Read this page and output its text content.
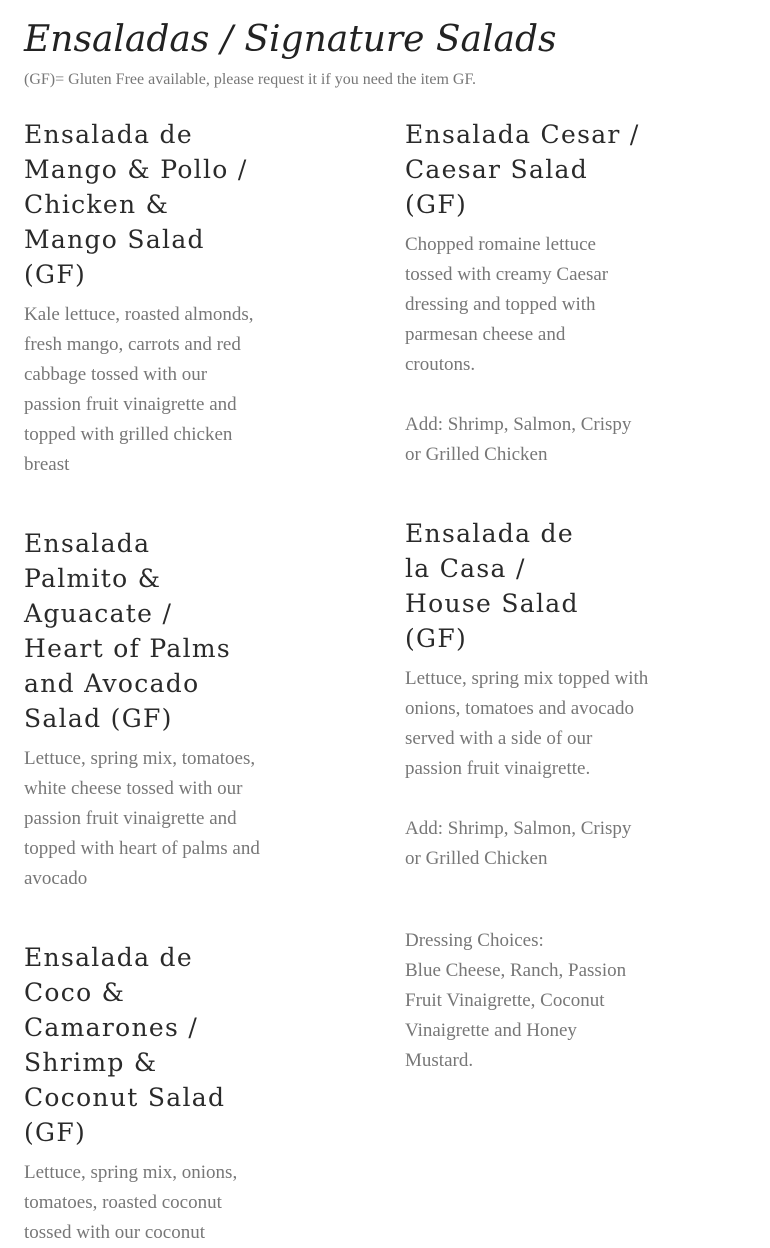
Ensaladas / Signature Salads

(GF)= Gluten Free available, please request it if you need the item GF.

Ensalada de Mango & Pollo / Chicken & Mango Salad (GF)

Kale lettuce, roasted almonds, fresh mango, carrots and red cabbage tossed with our passion fruit vinaigrette and topped with grilled chicken breast

Ensalada Palmito & Aguacate / Heart of Palms and Avocado Salad (GF)

Lettuce, spring mix, tomatoes, white cheese tossed with our passion fruit vinaigrette and topped with heart of palms and avocado

Ensalada de Coco & Camarones / Shrimp & Coconut Salad (GF)

Lettuce, spring mix, onions, tomatoes, roasted coconut tossed with our coconut

Ensalada Cesar / Caesar Salad (GF)

Chopped romaine lettuce tossed with creamy Caesar dressing and topped with parmesan cheese and croutons.

Add: Shrimp, Salmon, Crispy or Grilled Chicken

Ensalada de la Casa / House Salad (GF)

Lettuce, spring mix topped with onions, tomatoes and avocado served with a side of our passion fruit vinaigrette.

Add: Shrimp, Salmon, Crispy or Grilled Chicken

Dressing Choices:

Blue Cheese, Ranch, Passion Fruit Vinaigrette, Coconut Vinaigrette and Honey Mustard.
